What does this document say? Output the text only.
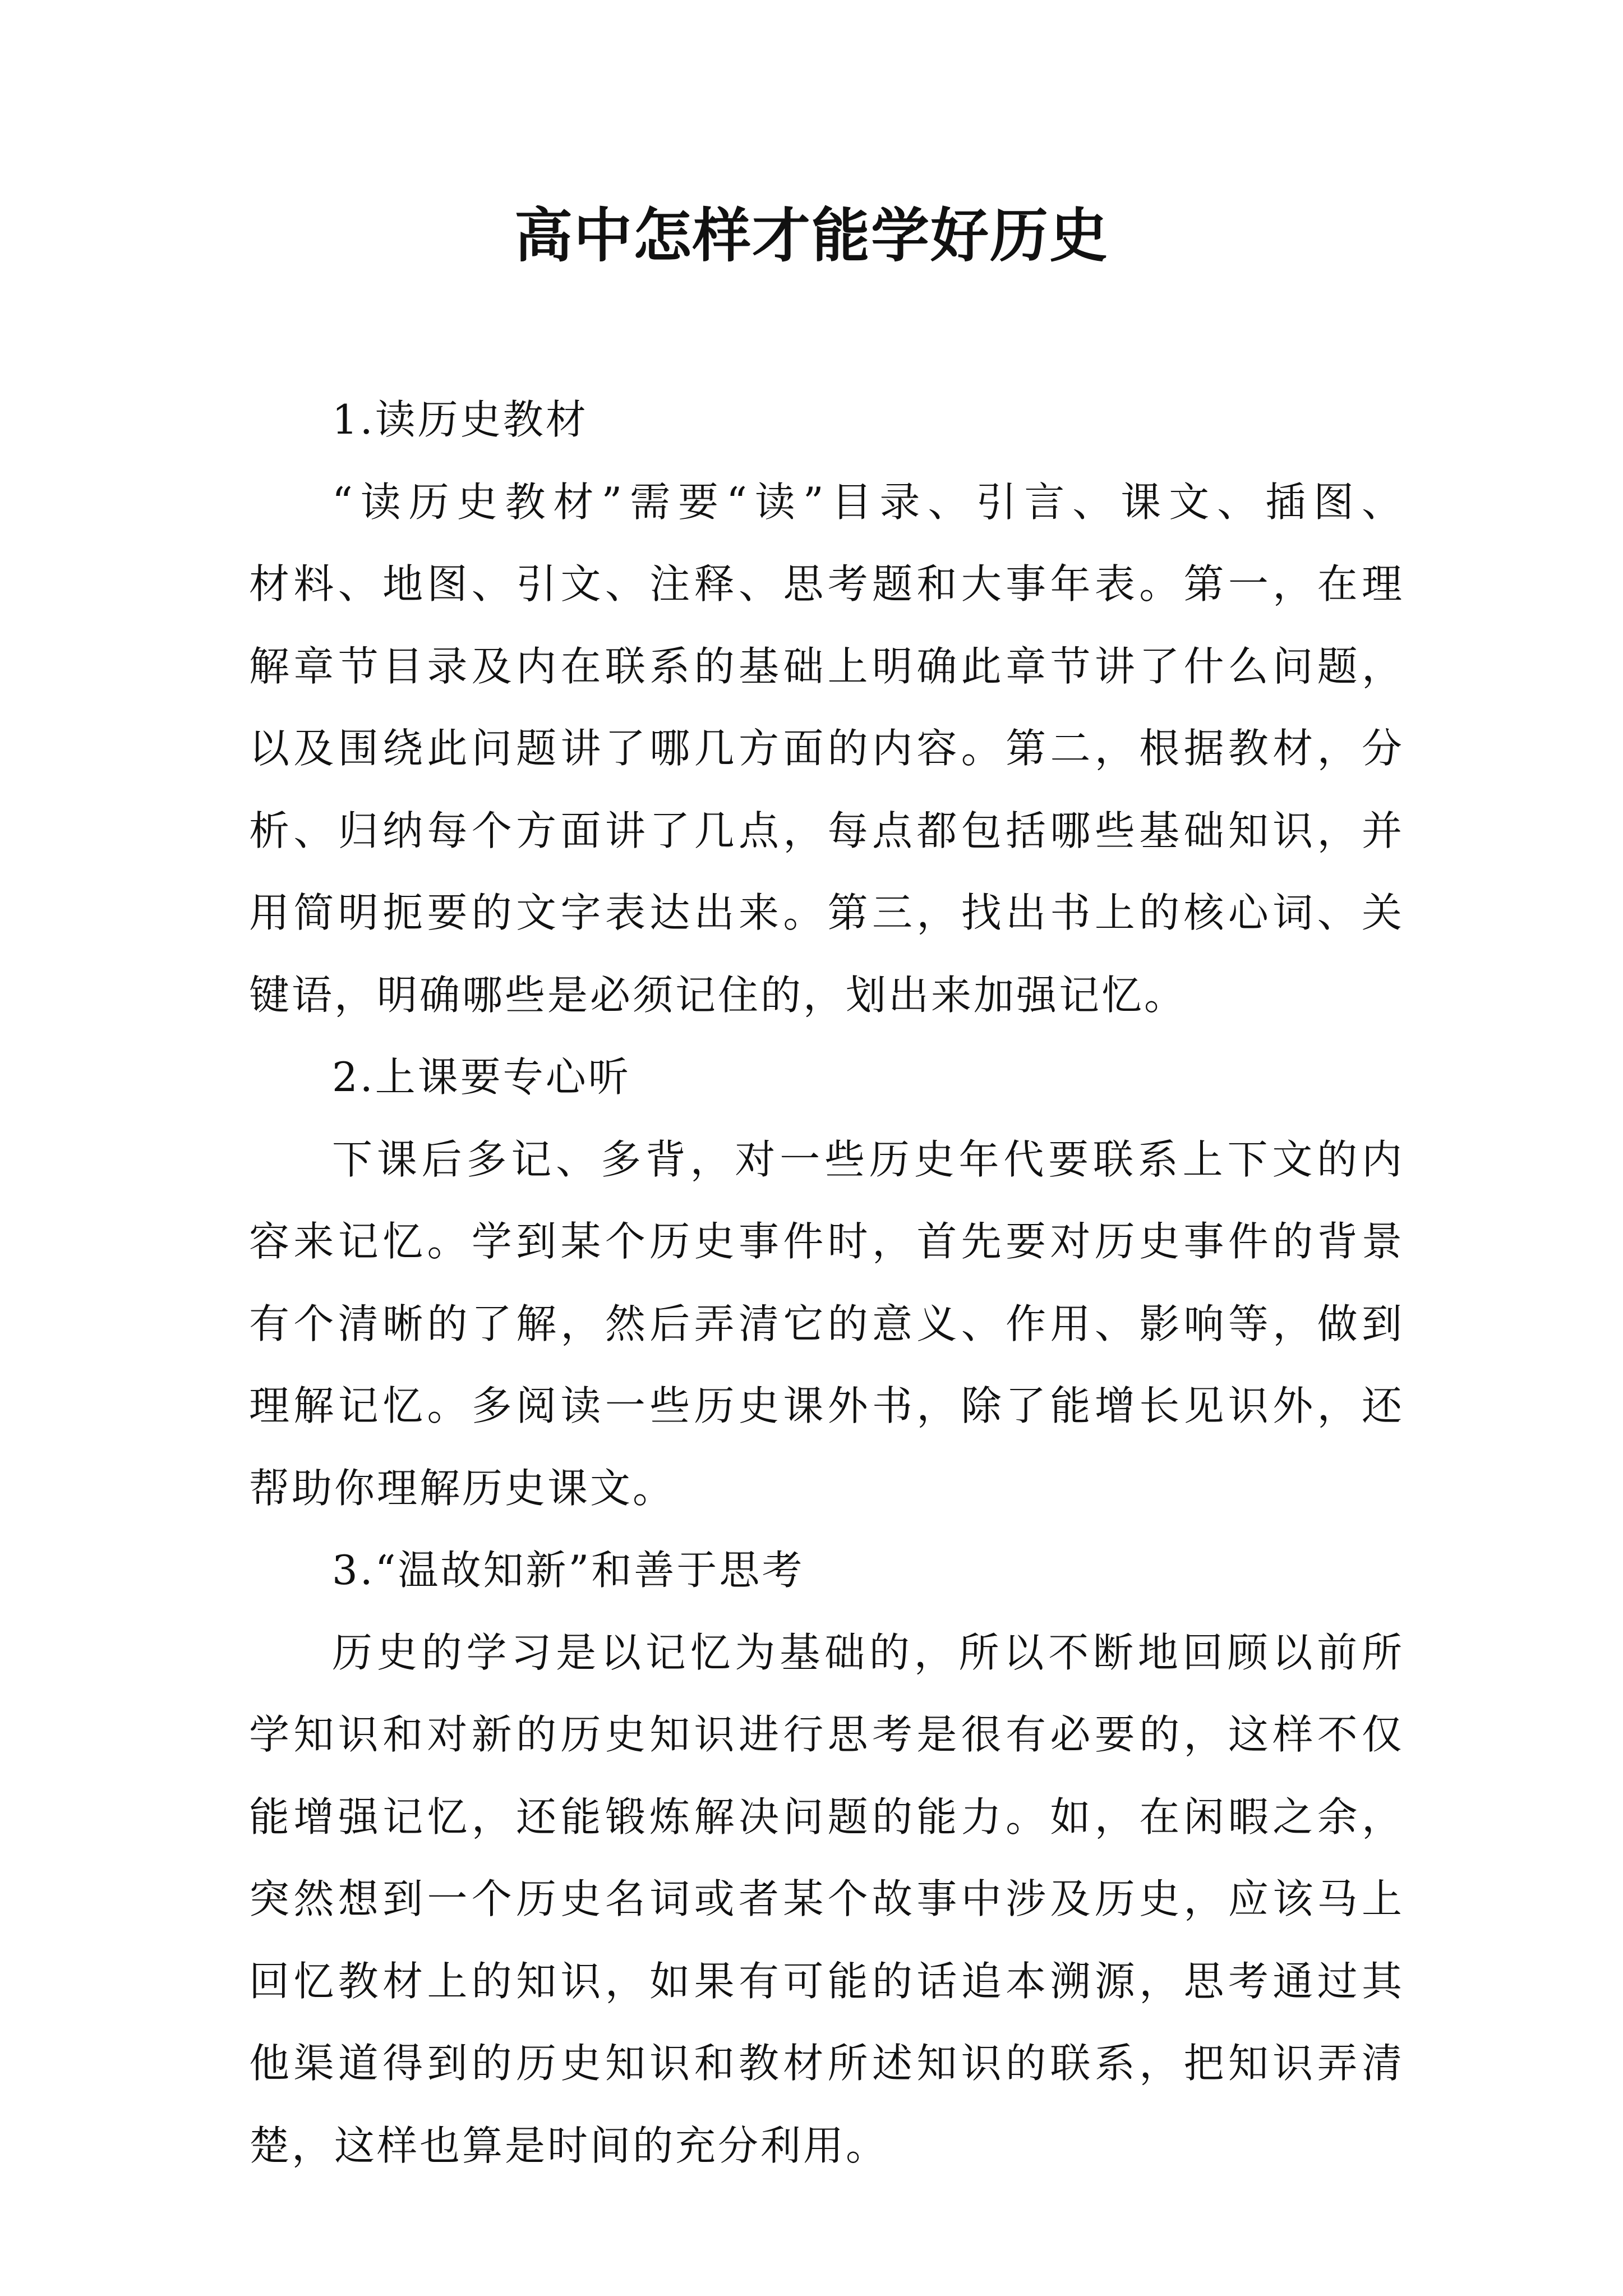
高中怎样才能学好历史
1.读历史教材
“读历史教材”需要“读”目录、引言、课文、插图、
材料、地图、引文、注释、思考题和大事年表。第一，在理
解章节目录及内在联系的基础上明确此章节讲了什么问题，
以及围绕此问题讲了哪几方面的内容。第二，根据教材，分
析、归纳每个方面讲了几点，每点都包括哪些基础知识，并
用简明扼要的文字表达出来。第三，找出书上的核心词、关
键语，明确哪些是必须记住的，划出来加强记忆。
2.上课要专心听
下课后多记、多背，对一些历史年代要联系上下文的内
容来记忆。学到某个历史事件时，首先要对历史事件的背景
有个清晰的了解，然后弄清它的意义、作用、影响等，做到
理解记忆。多阅读一些历史课外书，除了能增长见识外，还
帮助你理解历史课文。
3.“温故知新”和善于思考
历史的学习是以记忆为基础的，所以不断地回顾以前所
学知识和对新的历史知识进行思考是很有必要的，这样不仅
能增强记忆，还能锻炼解决问题的能力。如，在闲暇之余，
突然想到一个历史名词或者某个故事中涉及历史，应该马上
回忆教材上的知识，如果有可能的话追本溯源，思考通过其
他渠道得到的历史知识和教材所述知识的联系，把知识弄清
楚，这样也算是时间的充分利用。
